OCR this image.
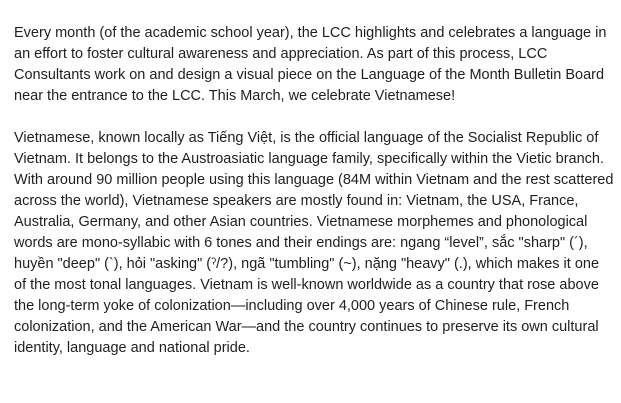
Every month (of the academic school year), the LCC highlights and celebrates a language in an effort to foster cultural awareness and appreciation. As part of this process, LCC Consultants work on and design a visual piece on the Language of the Month Bulletin Board near the entrance to the LCC. This March, we celebrate Vietnamese!

Vietnamese, known locally as Tiếng Việt, is the official language of the Socialist Republic of Vietnam. It belongs to the Austroasiatic language family, specifically within the Vietic branch. With around 90 million people using this language (84M within Vietnam and the rest scattered across the world), Vietnamese speakers are mostly found in: Vietnam, the USA, France, Australia, Germany, and other Asian countries. Vietnamese morphemes and phonological words are mono-syllabic with 6 tones and their endings are: ngang “level”, sắc "sharp" (´), huyền "deep" (`), hỏi "asking" (ˀ/?), ngã "tumbling" (~), nặng "heavy" (.), which makes it one of the most tonal languages. Vietnam is well-known worldwide as a country that rose above the long-term yoke of colonization—including over 4,000 years of Chinese rule, French colonization, and the American War—and the country continues to preserve its own cultural identity, language and national pride.
